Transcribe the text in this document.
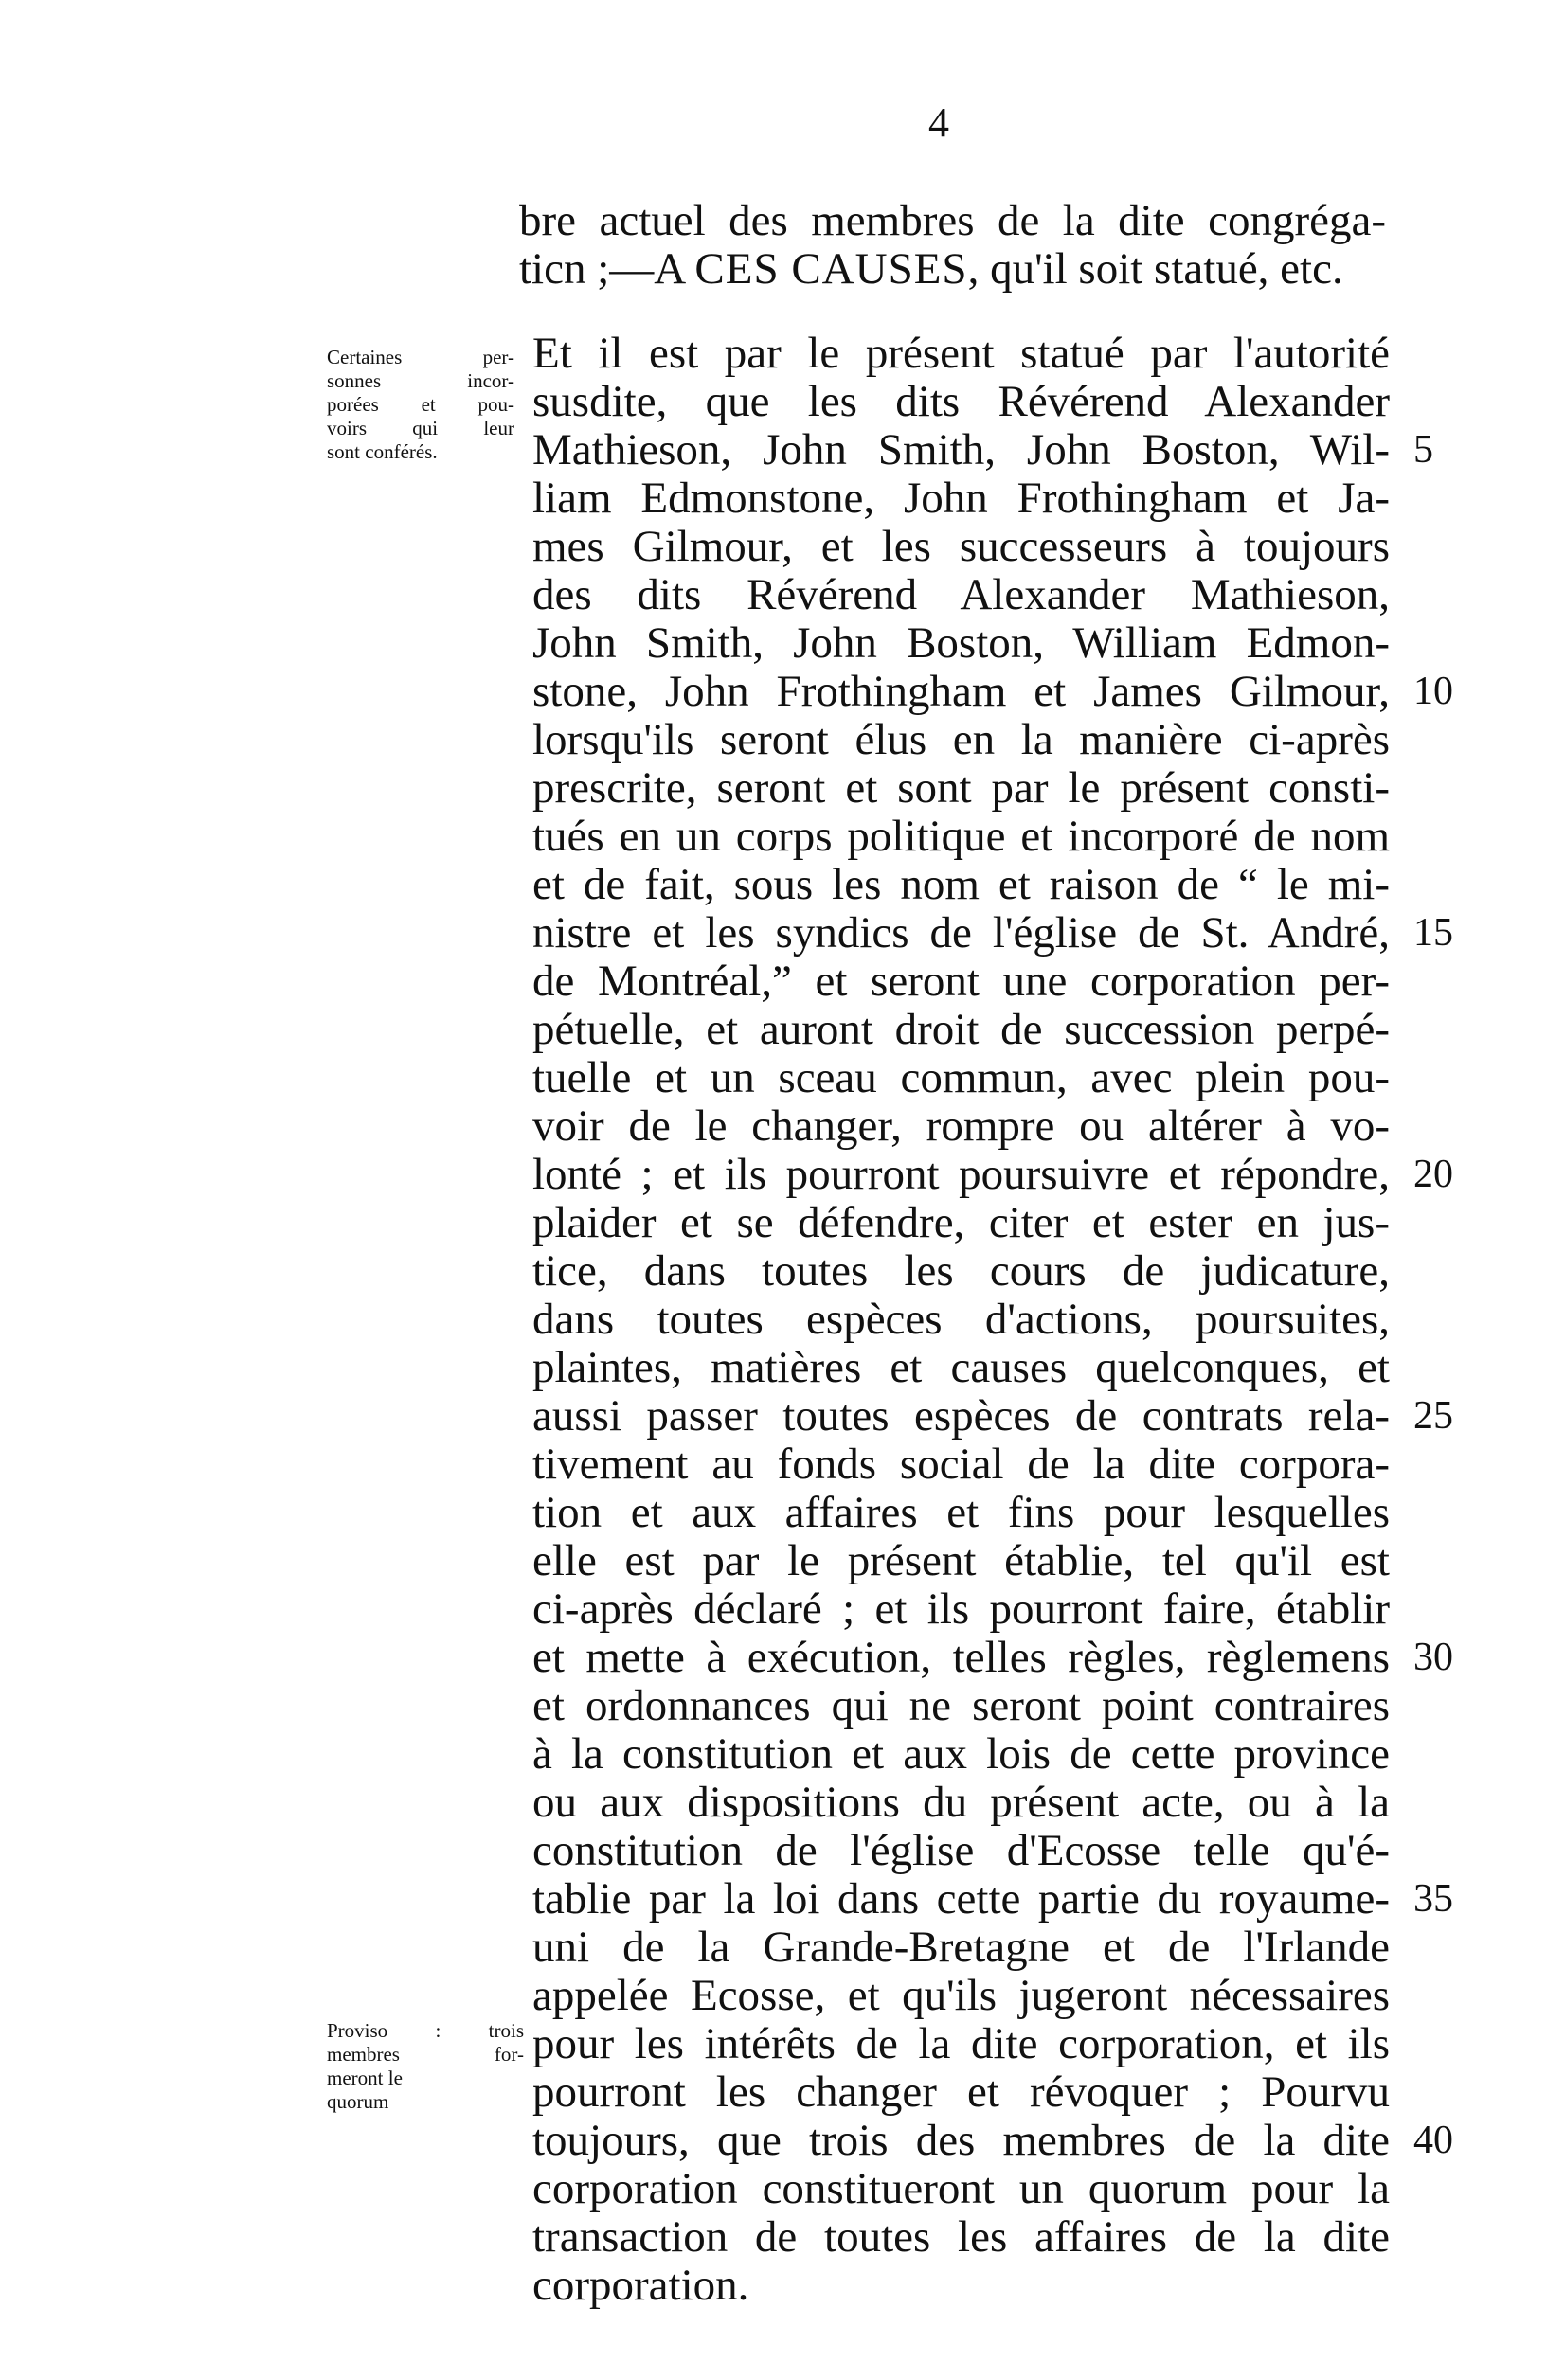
4
bre actuel des membres de la dite congréga-
ticn ;—A CES CAUSES, qu'il soit statué, etc.
Certaines per-
sonnes incor-
porées et pou-
voirs qui leur
sont conférés.
Proviso : trois
membres for-
meront le
quorum
Et il est par le présent statué par l'autorité
susdite, que les dits Révérend Alexander
Mathieson, John Smith, John Boston, Wil- 5
liam Edmonstone, John Frothingham et Ja-
mes Gilmour, et les successeurs à toujours
des dits Révérend Alexander Mathieson,
John Smith, John Boston, William Edmon-
stone, John Frothingham et James Gilmour, 10
lorsqu'ils seront élus en la manière ci-après
prescrite, seront et sont par le présent consti-
tués en un corps politique et incorporé de nom
et de fait, sous les nom et raison de “ le mi-
nistre et les syndics de l'église de St. André, 15
de Montréal,” et seront une corporation per-
pétuelle, et auront droit de succession perpé-
tuelle et un sceau commun, avec plein pou-
voir de le changer, rompre ou altérer à vo-
lonté ; et ils pourront poursuivre et répondre, 20
plaider et se défendre, citer et ester en jus-
tice, dans toutes les cours de judicature,
dans toutes espèces d'actions, poursuites,
plaintes, matières et causes quelconques, et
aussi passer toutes espèces de contrats rela- 25
tivement au fonds social de la dite corpora-
tion et aux affaires et fins pour lesquelles
elle est par le présent établie, tel qu'il est
ci-après déclaré ; et ils pourront faire, établir
et mette à exécution, telles règles, règlemens 30
et ordonnances qui ne seront point contraires
à la constitution et aux lois de cette province
ou aux dispositions du présent acte, ou à la
constitution de l'église d'Ecosse telle qu'é-
tablie par la loi dans cette partie du royaume- 35
uni de la Grande-Bretagne et de l'Irlande
appelée Ecosse, et qu'ils jugeront nécessaires
pour les intérêts de la dite corporation, et ils
pourront les changer et révoquer ; Pourvu
toujours, que trois des membres de la dite 40
corporation constitueront un quorum pour la
transaction de toutes les affaires de la dite
corporation.
